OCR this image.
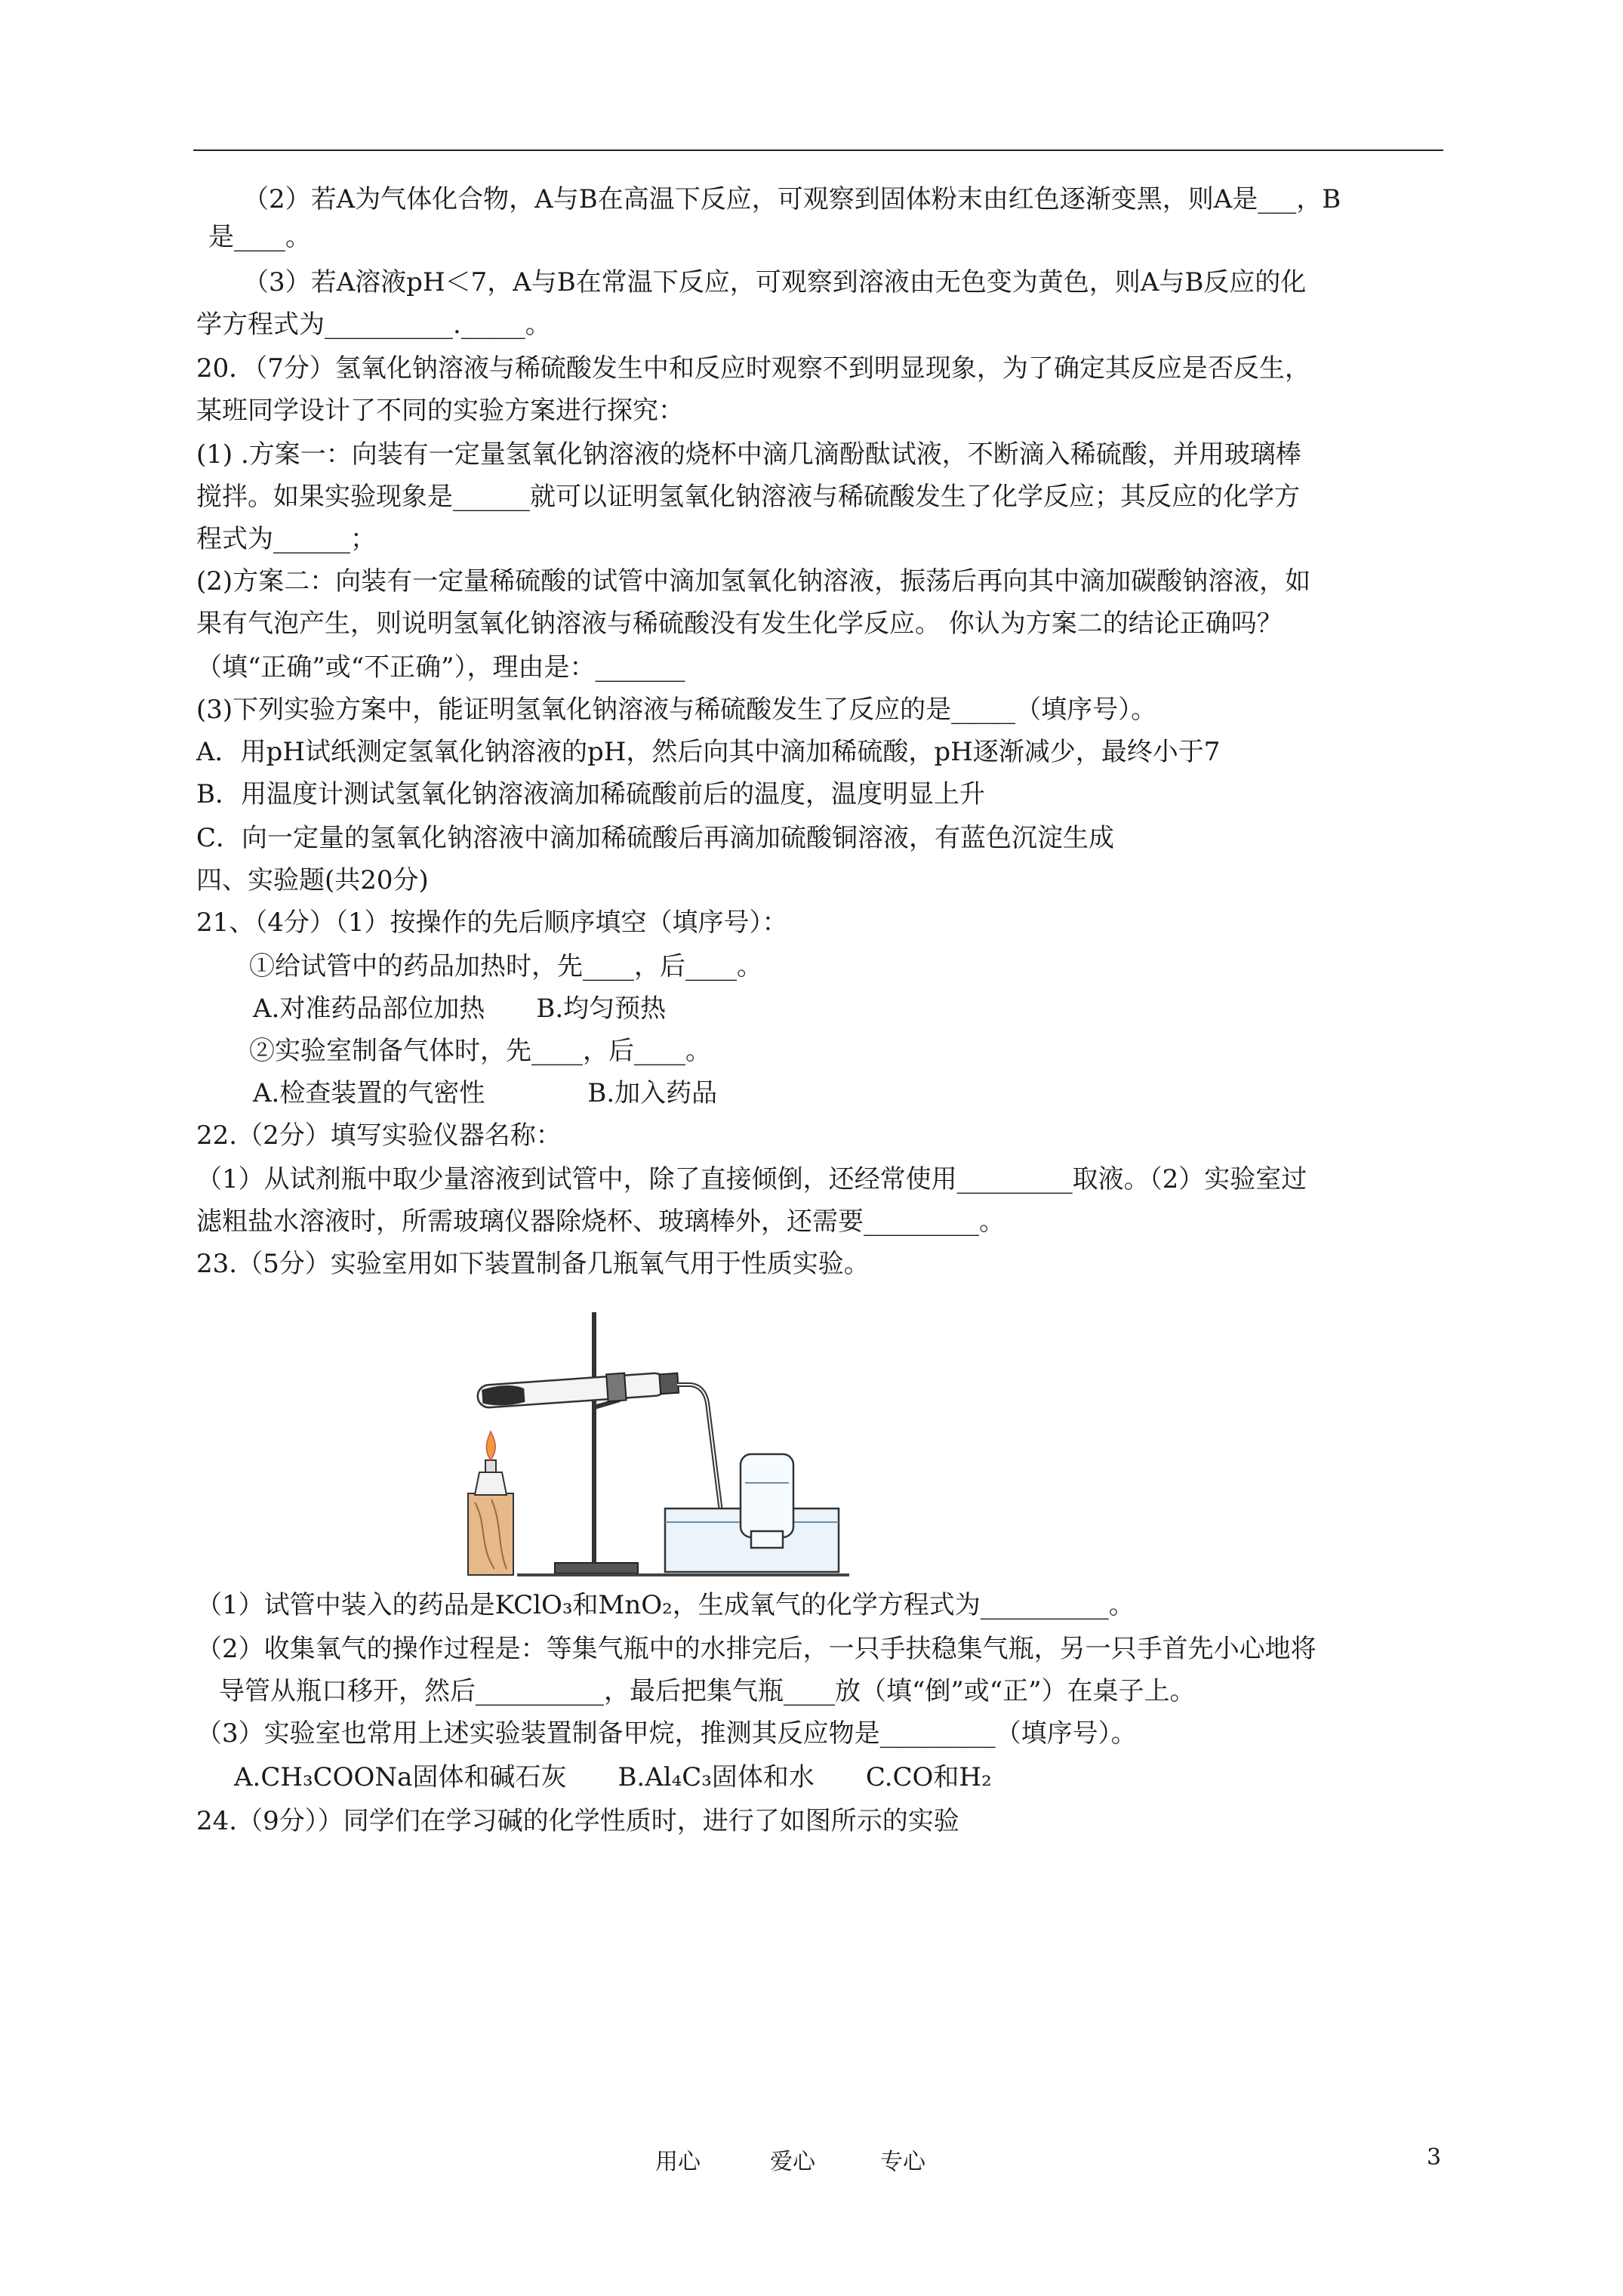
（2）若A为气体化合物，A与B在高温下反应，可观察到固体粉末由红色逐渐变黑，则A是___，B
是____。
（3）若A溶液pH＜7，A与B在常温下反应，可观察到溶液由无色变为黄色，则A与B反应的化
学方程式为__________._____。
20．（7分）氢氧化钠溶液与稀硫酸发生中和反应时观察不到明显现象，为了确定其反应是否反生，
某班同学设计了不同的实验方案进行探究：
(1) .方案一：向装有一定量氢氧化钠溶液的烧杯中滴几滴酚酞试液，不断滴入稀硫酸，并用玻璃棒
搅拌。如果实验现象是______就可以证明氢氧化钠溶液与稀硫酸发生了化学反应；其反应的化学方
程式为______；
(2)方案二：向装有一定量稀硫酸的试管中滴加氢氧化钠溶液，振荡后再向其中滴加碳酸钠溶液，如
果有气泡产生，则说明氢氧化钠溶液与稀硫酸没有发生化学反应。 你认为方案二的结论正确吗？
（填“正确”或“不正确”），理由是：_______
(3)下列实验方案中，能证明氢氧化钠溶液与稀硫酸发生了反应的是_____（填序号）。
A．用pH试纸测定氢氧化钠溶液的pH，然后向其中滴加稀硫酸，pH逐渐减少，最终小于7
B．用温度计测试氢氧化钠溶液滴加稀硫酸前后的温度，温度明显上升
C．向一定量的氢氧化钠溶液中滴加稀硫酸后再滴加硫酸铜溶液，有蓝色沉淀生成
四、实验题(共20分)
21、（4分）（1）按操作的先后顺序填空（填序号）：
①给试管中的药品加热时，先____，后____。
A.对准药品部位加热　　B.均匀预热
②实验室制备气体时，先____，后____。
A.检查装置的气密性　　　　B.加入药品
22.（2分）填写实验仪器名称：
（1）从试剂瓶中取少量溶液到试管中，除了直接倾倒，还经常使用_________取液。（2）实验室过
滤粗盐水溶液时，所需玻璃仪器除烧杯、玻璃棒外，还需要_________。
23.（5分）实验室用如下装置制备几瓶氧气用于性质实验。
（1）试管中装入的药品是KClO₃和MnO₂，生成氧气的化学方程式为__________。
（2）收集氧气的操作过程是：等集气瓶中的水排完后，一只手扶稳集气瓶，另一只手首先小心地将
导管从瓶口移开，然后__________，最后把集气瓶____放（填“倒”或“正”）在桌子上。
（3）实验室也常用上述实验装置制备甲烷，推测其反应物是_________（填序号）。
A.CH₃COONa固体和碱石灰　　B.Al₄C₃固体和水　　C.CO和H₂
24.（9分））同学们在学习碱的化学性质时，进行了如图所示的实验
用心	爱心	专心	3
